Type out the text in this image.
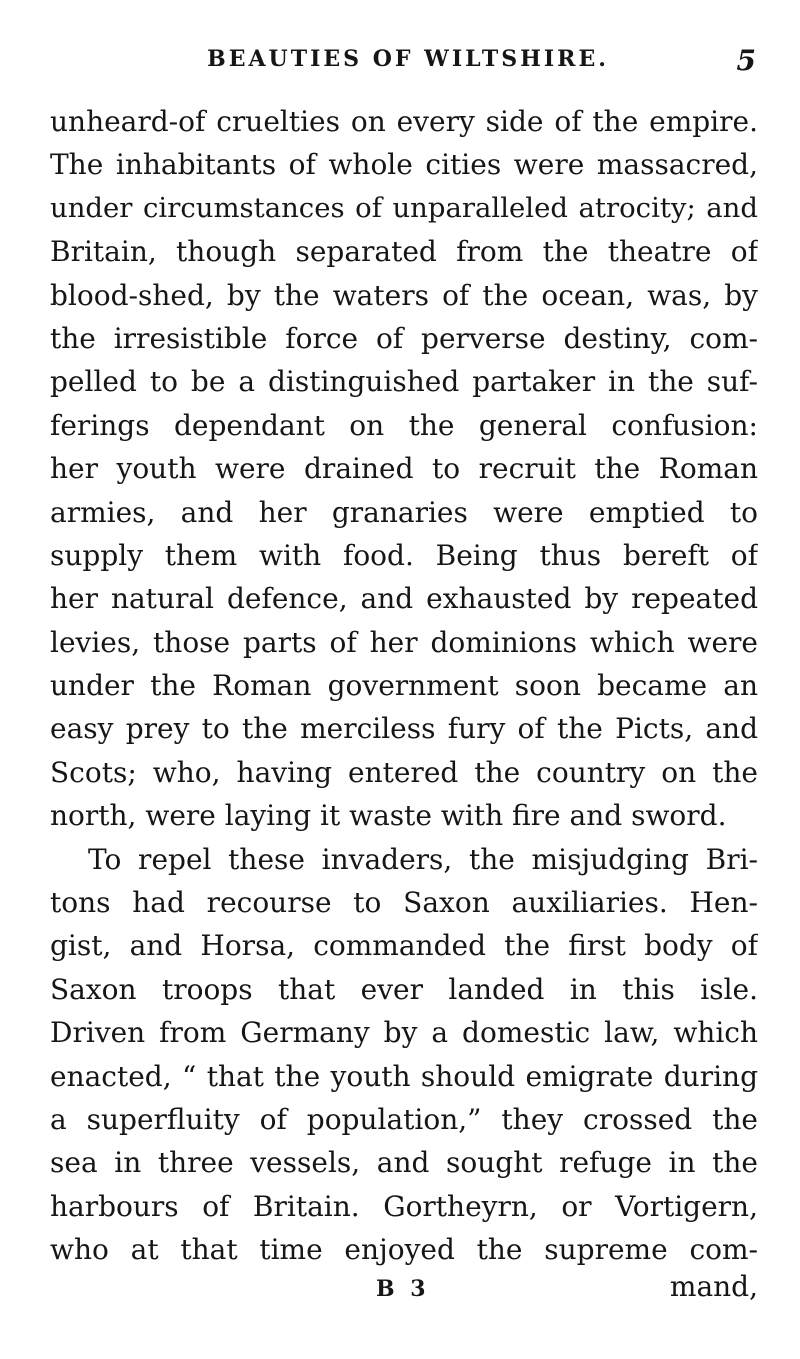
BEAUTIES OF WILTSHIRE.	5
unheard-of cruelties on every side of the empire.
The inhabitants of whole cities were massacred,
under circumstances of unparalleled atrocity; and
Britain, though separated from the theatre of
blood-shed, by the waters of the ocean, was, by
the irresistible force of perverse destiny, com-
pelled to be a distinguished partaker in the suf-
ferings dependant on the general confusion:
her youth were drained to recruit the Roman
armies, and her granaries were emptied to
supply them with food. Being thus bereft of
her natural defence, and exhausted by repeated
levies, those parts of her dominions which were
under the Roman government soon became an
easy prey to the merciless fury of the Picts, and
Scots; who, having entered the country on the
north, were laying it waste with fire and sword.
To repel these invaders, the misjudging Bri-
tons had recourse to Saxon auxiliaries. Hen-
gist, and Horsa, commanded the first body of
Saxon troops that ever landed in this isle.
Driven from Germany by a domestic law, which
enacted, “ that the youth should emigrate during
a superfluity of population,” they crossed the
sea in three vessels, and sought refuge in the
harbours of Britain. Gortheyrn, or Vortigern,
who at that time enjoyed the supreme com-
B 3	mand,
